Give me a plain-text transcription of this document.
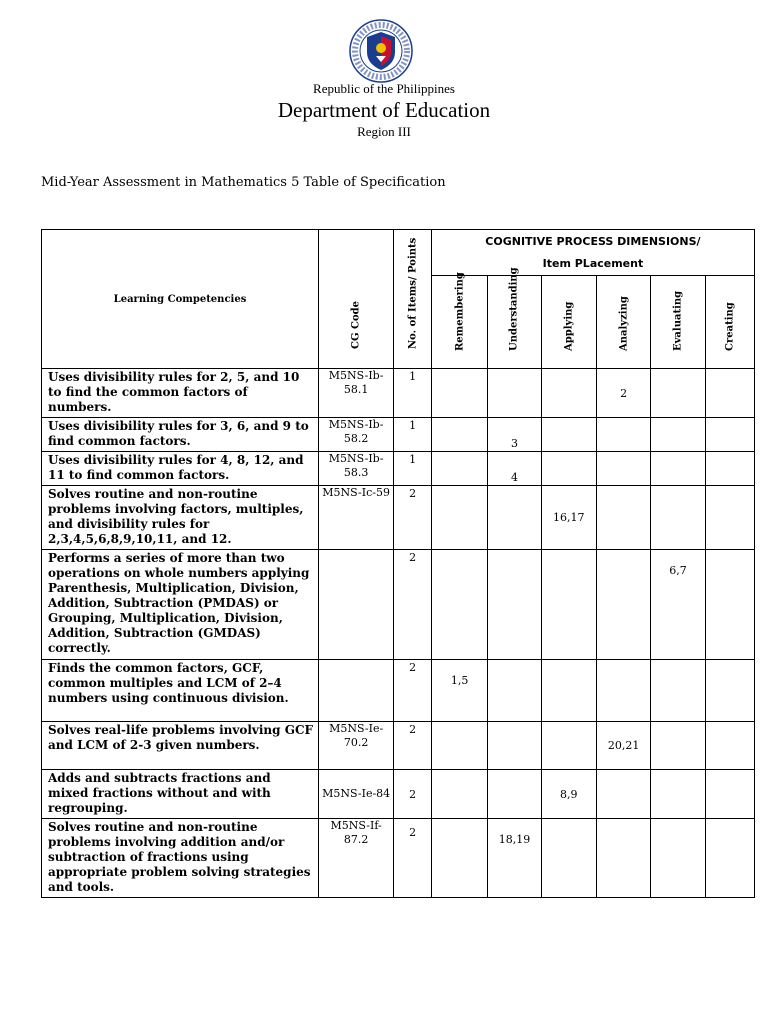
Republic of the Philippines
Department of Education
Region III
Mid-Year Assessment in Mathematics 5 Table of Specification
Learning Competencies	CG Code	No. of Items/ Points	COGNITIVE PROCESS DIMENSIONS/
Item PLacement					

			Remembering	Understanding	Applying	Analyzing	Evaluating	Creating

Uses divisibility rules for 2, 5, and 10 to find the common factors of numbers.	M5NS-Ib-58.1	1				2		
Uses divisibility rules for 3, 6, and 9 to find common factors.	M5NS-Ib-58.2	1		3				
Uses divisibility rules for 4, 8, 12, and 11 to find common factors.	M5NS-Ib-58.3	1		4				
Solves routine and non-routine problems involving factors, multiples, and divisibility rules for 2,3,4,5,6,8,9,10,11, and 12.	M5NS-Ic-59	2			16,17			
Performs a series of more than two operations on whole numbers applying Parenthesis, Multiplication, Division, Addition, Subtraction (PMDAS) or Grouping, Multiplication, Division, Addition, Subtraction (GMDAS) correctly.		2					6,7	
Finds the common factors, GCF, common multiples and LCM of 2–4 numbers using continuous division.		2	1,5					
Solves real-life problems involving GCF and LCM of 2-3 given numbers.	M5NS-Ie-70.2	2				20,21		
Adds and subtracts fractions and mixed fractions without and with regrouping.	M5NS-Ie-84	2			8,9			
Solves routine and non-routine problems involving addition and/or subtraction of fractions using appropriate problem solving strategies and tools.	M5NS-If-87.2	2		18,19				
